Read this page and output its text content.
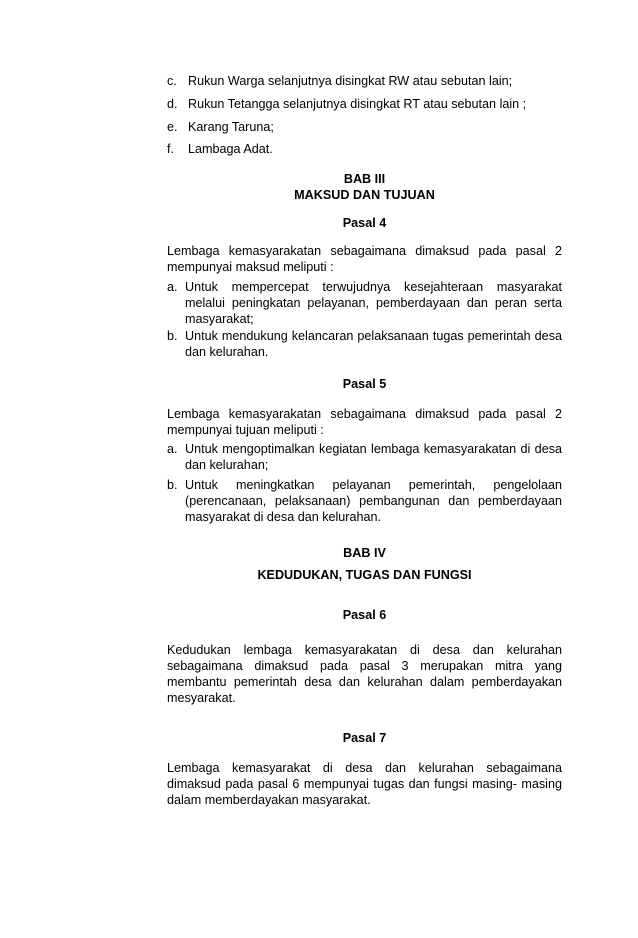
c. Rukun Warga selanjutnya disingkat RW atau sebutan lain;
d. Rukun Tetangga selanjutnya disingkat RT atau sebutan lain ;
e. Karang Taruna;
f. Lambaga Adat.
BAB III
MAKSUD DAN TUJUAN
Pasal 4
Lembaga kemasyarakatan sebagaimana dimaksud pada pasal 2
mempunyai maksud meliputi :
a. Untuk mempercepat terwujudnya kesejahteraan masyarakat
melalui peningkatan pelayanan, pemberdayaan dan peran serta
masyarakat;
b. Untuk mendukung kelancaran pelaksanaan tugas pemerintah desa
dan kelurahan.
Pasal 5
Lembaga kemasyarakatan sebagaimana dimaksud pada pasal 2
mempunyai tujuan meliputi :
a. Untuk mengoptimalkan kegiatan lembaga kemasyarakatan di desa
dan kelurahan;
b. Untuk meningkatkan pelayanan pemerintah, pengelolaan
(perencanaan, pelaksanaan) pembangunan dan pemberdayaan
masyarakat di desa dan kelurahan.
BAB IV
KEDUDUKAN, TUGAS DAN FUNGSI
Pasal 6
Kedudukan lembaga kemasyarakatan di desa dan kelurahan
sebagaimana dimaksud pada pasal 3 merupakan mitra yang
membantu pemerintah desa dan kelurahan dalam pemberdayakan
mesyarakat.
Pasal 7
Lembaga kemasyarakat di desa dan kelurahan sebagaimana
dimaksud pada pasal 6 mempunyai tugas dan fungsi masing- masing
dalam memberdayakan masyarakat.
